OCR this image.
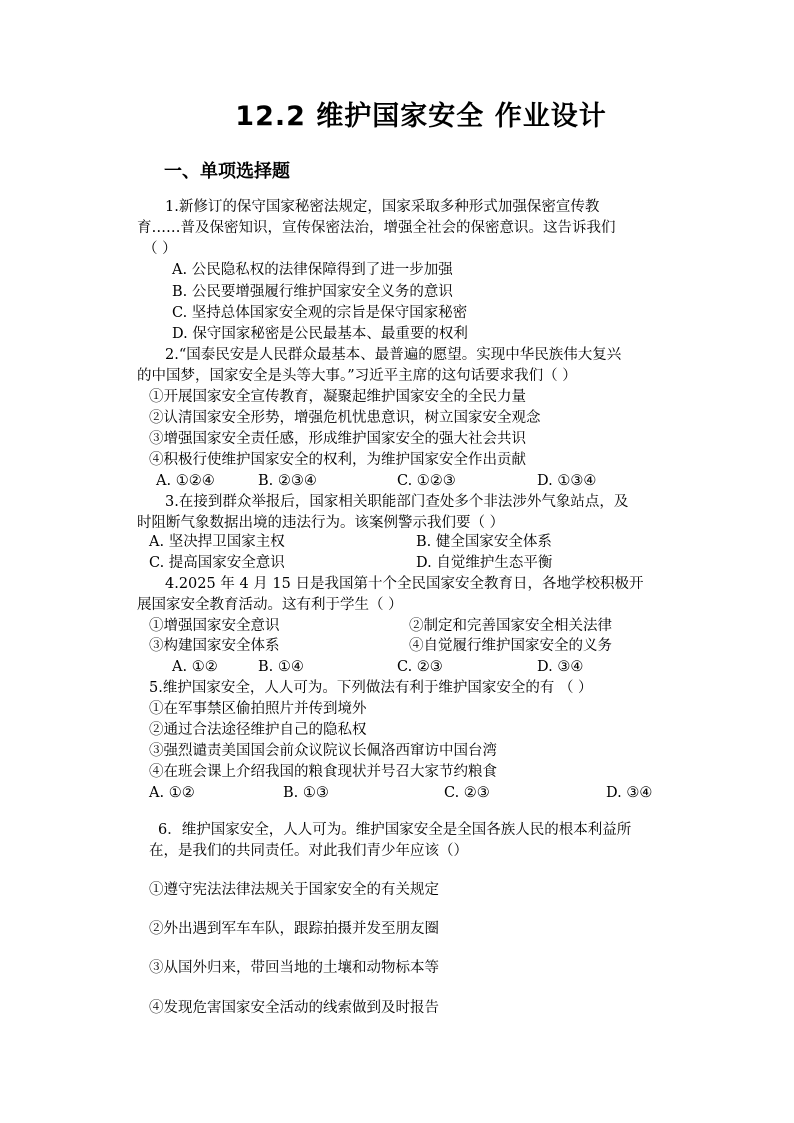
12.2 维护国家安全 作业设计
一、单项选择题
1.新修订的保守国家秘密法规定，国家采取多种形式加强保密宣传教
育……普及保密知识，宣传保密法治，增强全社会的保密意识。这告诉我们
（ ）
A. 公民隐私权的法律保障得到了进一步加强
B. 公民要增强履行维护国家安全义务的意识
C. 坚持总体国家安全观的宗旨是保守国家秘密
D. 保守国家秘密是公民最基本、最重要的权利
2.“国泰民安是人民群众最基本、最普遍的愿望。实现中华民族伟大复兴
的中国梦，国家安全是头等大事。”习近平主席的这句话要求我们（ ）
①开展国家安全宣传教育，凝聚起维护国家安全的全民力量
②认清国家安全形势，增强危机忧患意识，树立国家安全观念
③增强国家安全责任感，形成维护国家安全的强大社会共识
④积极行使维护国家安全的权利，为维护国家安全作出贡献
A. ①②④	B. ②③④	C. ①②③	D. ①③④
3.在接到群众举报后，国家相关职能部门查处多个非法涉外气象站点，及
时阻断气象数据出境的违法行为。该案例警示我们要（ ）
A. 坚决捍卫国家主权	B. 健全国家安全体系
C. 提高国家安全意识	D. 自觉维护生态平衡
4.2025 年 4 月 15 日是我国第十个全民国家安全教育日，各地学校积极开
展国家安全教育活动。这有利于学生（ ）
①增强国家安全意识	②制定和完善国家安全相关法律
③构建国家安全体系	④自觉履行维护国家安全的义务
A. ①②	B. ①④	C. ②③	D. ③④
5.维护国家安全，人人可为。下列做法有利于维护国家安全的有 （ ）
①在军事禁区偷拍照片并传到境外
②通过合法途径维护自己的隐私权
③强烈谴责美国国会前众议院议长佩洛西窜访中国台湾
④在班会课上介绍我国的粮食现状并号召大家节约粮食
A. ①②	B. ①③	C. ②③	D. ③④
6．维护国家安全，人人可为。维护国家安全是全国各族人民的根本利益所
在，是我们的共同责任。对此我们青少年应该（）
①遵守宪法法律法规关于国家安全的有关规定
②外出遇到军车车队，跟踪拍摄并发至朋友圈
③从国外归来，带回当地的土壤和动物标本等
④发现危害国家安全活动的线索做到及时报告
